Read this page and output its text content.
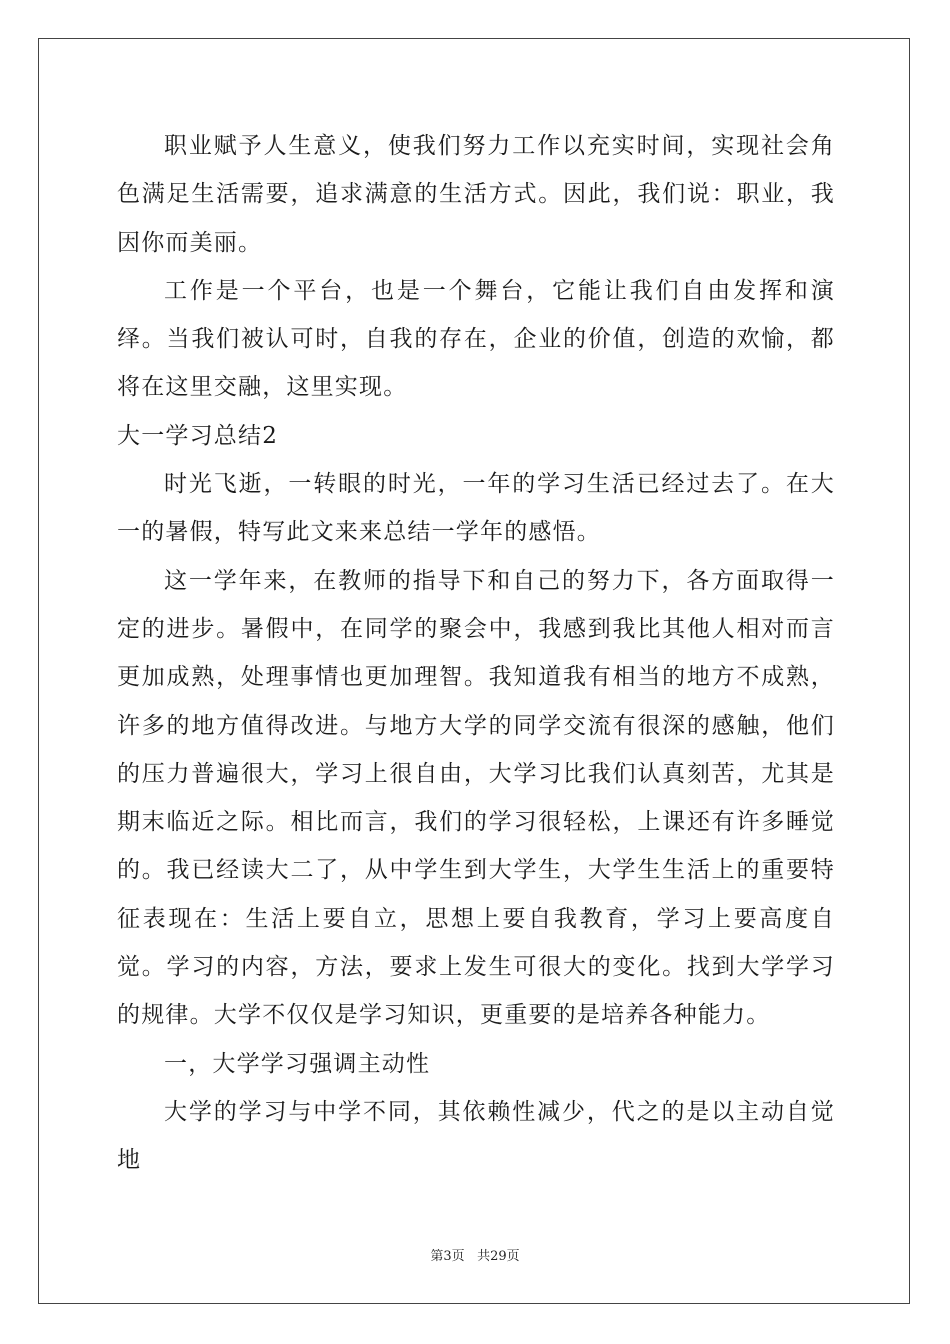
职业赋予人生意义，使我们努力工作以充实时间，实现社会角色满足生活需要，追求满意的生活方式。因此，我们说：职业，我因你而美丽。

工作是一个平台，也是一个舞台，它能让我们自由发挥和演绎。当我们被认可时，自我的存在，企业的价值，创造的欢愉，都将在这里交融，这里实现。

大一学习总结2

时光飞逝，一转眼的时光，一年的学习生活已经过去了。在大一的暑假，特写此文来来总结一学年的感悟。

这一学年来，在教师的指导下和自己的努力下，各方面取得一定的进步。暑假中，在同学的聚会中，我感到我比其他人相对而言更加成熟，处理事情也更加理智。我知道我有相当的地方不成熟，许多的地方值得改进。与地方大学的同学交流有很深的感触，他们的压力普遍很大，学习上很自由，大学习比我们认真刻苦，尤其是期末临近之际。相比而言，我们的学习很轻松，上课还有许多睡觉的。我已经读大二了，从中学生到大学生，大学生生活上的重要特征表现在：生活上要自立，思想上要自我教育，学习上要高度自觉。学习的内容，方法，要求上发生可很大的变化。找到大学学习的规律。大学不仅仅是学习知识，更重要的是培养各种能力。

一，大学学习强调主动性

大学的学习与中学不同，其依赖性减少，代之的是以主动自觉地

第3页 共29页
